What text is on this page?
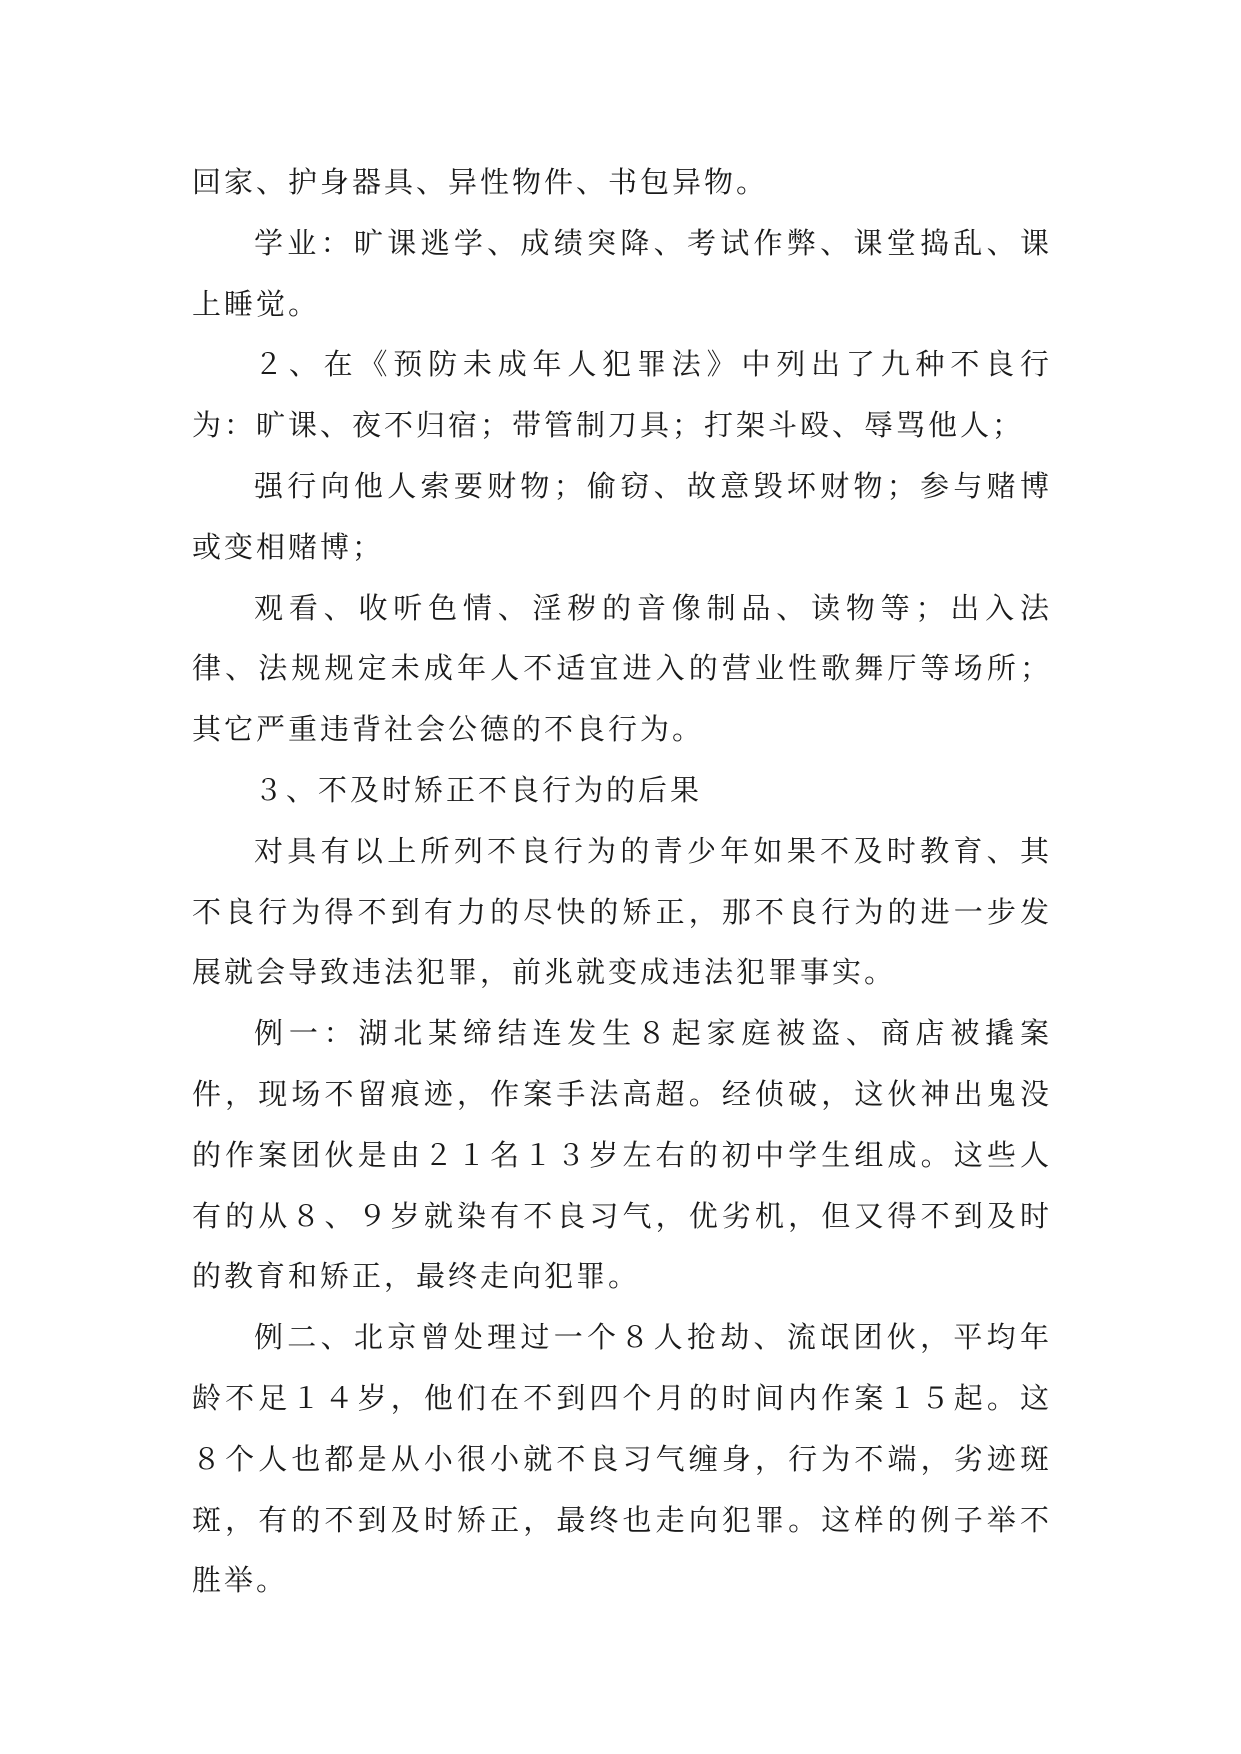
回家、护身器具、异性物件、书包异物。

学业：旷课逃学、成绩突降、考试作弊、课堂捣乱、课上睡觉。

２、在《预防未成年人犯罪法》中列出了九种不良行为：旷课、夜不归宿；带管制刀具；打架斗殴、辱骂他人；

强行向他人索要财物；偷窃、故意毁坏财物；参与赌博或变相赌博；

观看、收听色情、淫秽的音像制品、读物等；出入法律、法规规定未成年人不适宜进入的营业性歌舞厅等场所；其它严重违背社会公德的不良行为。

３、不及时矫正不良行为的后果

对具有以上所列不良行为的青少年如果不及时教育、其不良行为得不到有力的尽快的矫正，那不良行为的进一步发展就会导致违法犯罪，前兆就变成违法犯罪事实。

例一：湖北某缔结连发生８起家庭被盗、商店被撬案件，现场不留痕迹，作案手法高超。经侦破，这伙神出鬼没的作案团伙是由２１名１３岁左右的初中学生组成。这些人有的从８、９岁就染有不良习气，优劣机，但又得不到及时的教育和矫正，最终走向犯罪。

例二、北京曾处理过一个８人抢劫、流氓团伙，平均年龄不足１４岁，他们在不到四个月的时间内作案１５起。这８个人也都是从小很小就不良习气缠身，行为不端，劣迹斑斑，有的不到及时矫正，最终也走向犯罪。这样的例子举不胜举。
